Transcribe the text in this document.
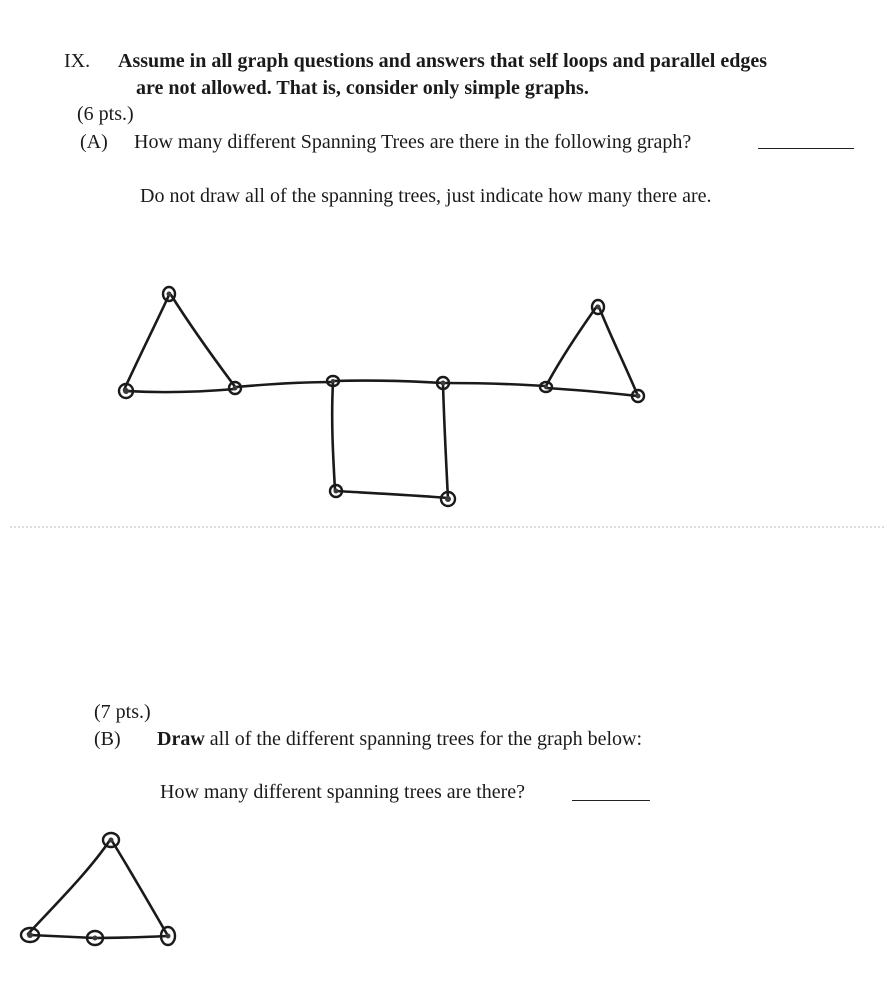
IX. Assume in all graph questions and answers that self loops and parallel edges
are not allowed. That is, consider only simple graphs.
(6 pts.)
(A) How many different Spanning Trees are there in the following graph?
Do not draw all of the spanning trees, just indicate how many there are.
(7 pts.)
(B) Draw all of the different spanning trees for the graph below:
How many different spanning trees are there?
